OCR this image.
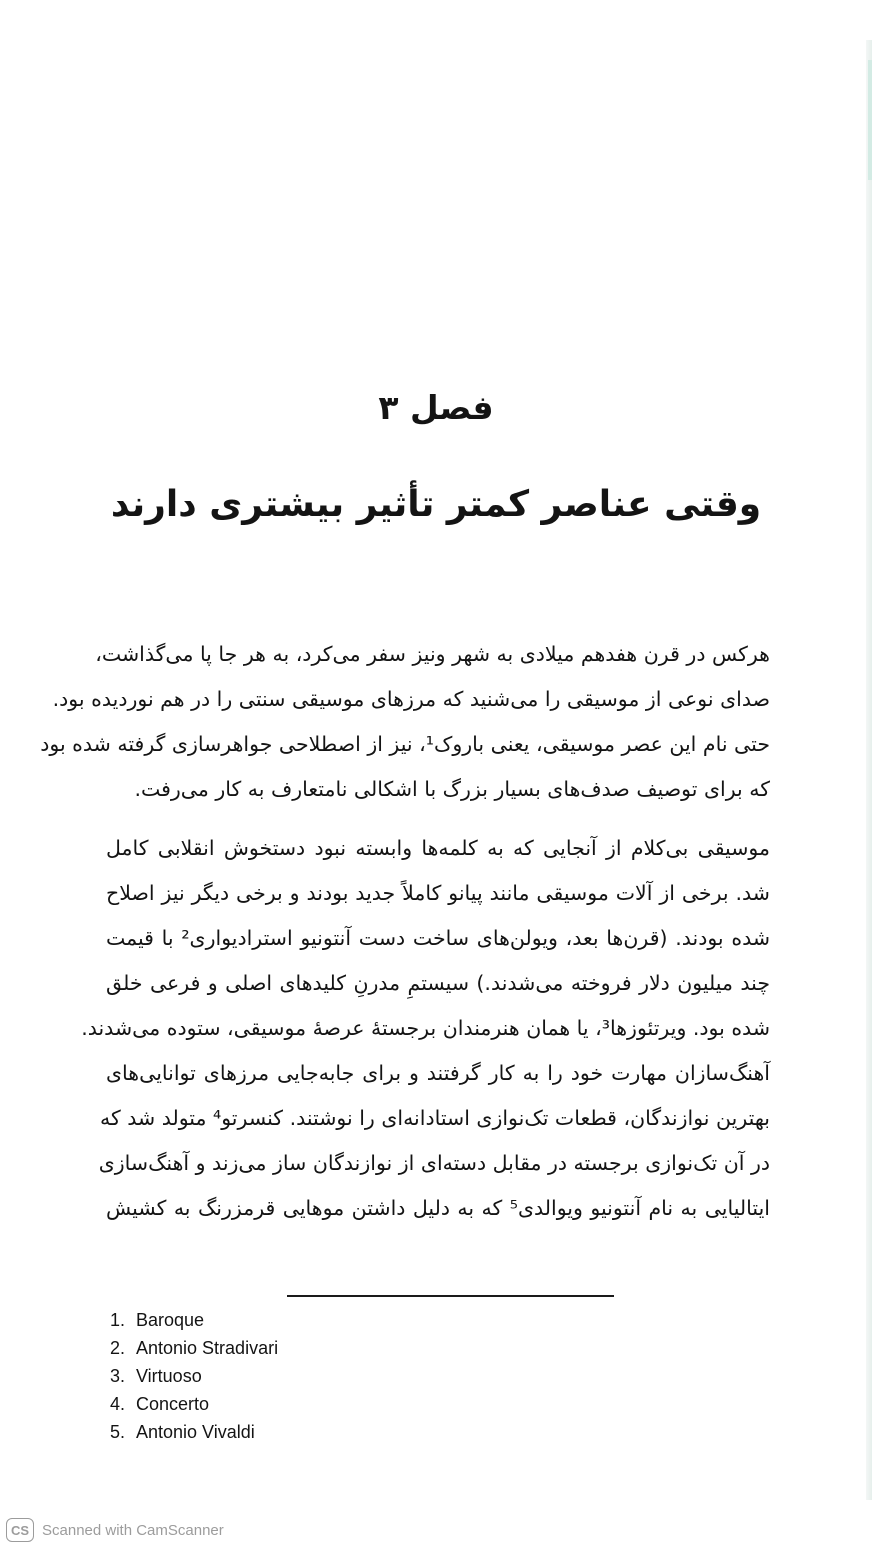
فصل ۳
وقتی عناصر کمتر تأثیر بیشتری دارند
هرکس در قرن هفدهم میلادی به شهر ونیز سفر می‌کرد، به هر جا پا می‌گذاشت،
صدای نوعی از موسیقی را می‌شنید که مرزهای موسیقی سنتی را در هم نوردیده بود.
حتی نام این عصر موسیقی، یعنی باروک¹، نیز از اصطلاحی جواهرسازی گرفته شده بود
که برای توصیف صدف‌های بسیار بزرگ با اشکالی نامتعارف به کار می‌رفت.
موسیقی بی‌کلام از آنجایی که به کلمه‌ها وابسته نبود دستخوش انقلابی کامل
شد. برخی از آلات موسیقی مانند پیانو کاملاً جدید بودند و برخی دیگر نیز اصلاح
شده بودند. (قرن‌ها بعد، ویولن‌های ساخت دست آنتونیو استرادیواری² با قیمت
چند میلیون دلار فروخته می‌شدند.) سیستمِ مدرنِ کلیدهای اصلی و فرعی خلق
شده بود. ویرتئوزها³، یا همان هنرمندان برجستهٔ عرصهٔ موسیقی، ستوده می‌شدند.
آهنگ‌سازان مهارت خود را به کار گرفتند و برای جابه‌جایی مرزهای توانایی‌های
بهترین نوازندگان، قطعات تک‌نوازی استادانه‌ای را نوشتند. کنسرتو⁴ متولد شد که
در آن تک‌نوازی برجسته در مقابل دسته‌ای از نوازندگان ساز می‌زند و آهنگ‌سازی
ایتالیایی به نام آنتونیو ویوالدی⁵ که به دلیل داشتن موهایی قرمزرنگ به کشیش
1. Baroque
2. Antonio Stradivari
3. Virtuoso
4. Concerto
5. Antonio Vivaldi
CS Scanned with CamScanner
